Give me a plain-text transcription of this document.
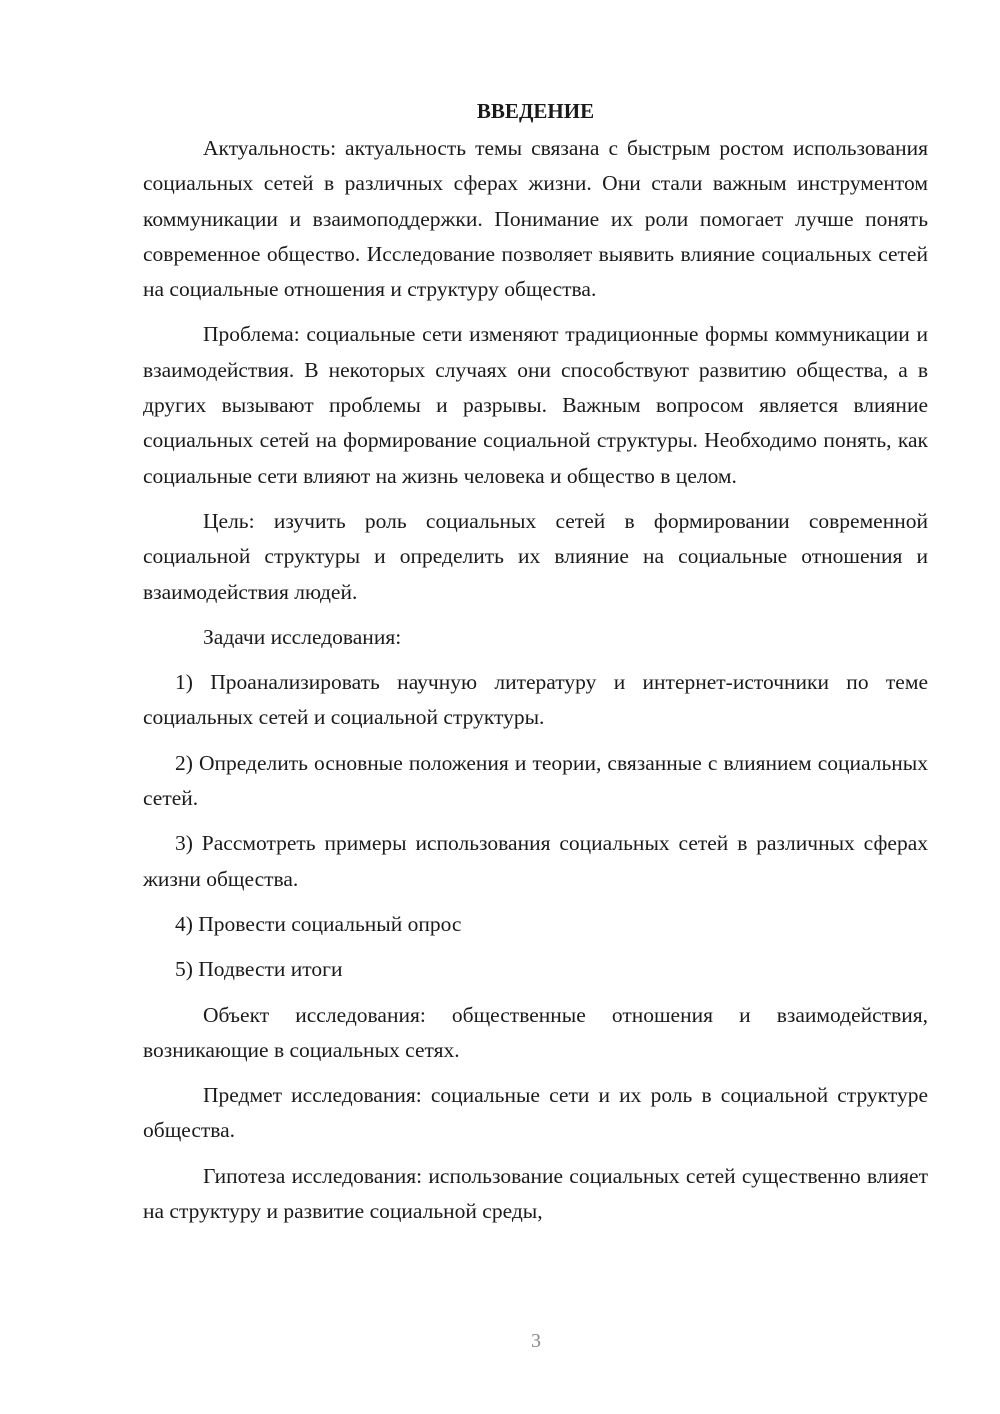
ВВЕДЕНИЕ

Актуальность: актуальность темы связана с быстрым ростом использования социальных сетей в различных сферах жизни. Они стали важным инструментом коммуникации и взаимоподдержки. Понимание их роли помогает лучше понять современное общество. Исследование позволяет выявить влияние социальных сетей на социальные отношения и структуру общества.

Проблема: социальные сети изменяют традиционные формы коммуникации и взаимодействия. В некоторых случаях они способствуют развитию общества, а в других вызывают проблемы и разрывы. Важным вопросом является влияние социальных сетей на формирование социальной структуры. Необходимо понять, как социальные сети влияют на жизнь человека и общество в целом.

Цель: изучить роль социальных сетей в формировании современной социальной структуры и определить их влияние на социальные отношения и взаимодействия людей.

Задачи исследования:

1) Проанализировать научную литературу и интернет-источники по теме социальных сетей и социальной структуры.

2) Определить основные положения и теории, связанные с влиянием социальных сетей.

3) Рассмотреть примеры использования социальных сетей в различных сферах жизни общества.

4) Провести социальный опрос

5) Подвести итоги

Объект исследования: общественные отношения и взаимодействия, возникающие в социальных сетях.

Предмет исследования: социальные сети и их роль в социальной структуре общества.

Гипотеза исследования: использование социальных сетей существенно влияет на структуру и развитие социальной среды,

3
